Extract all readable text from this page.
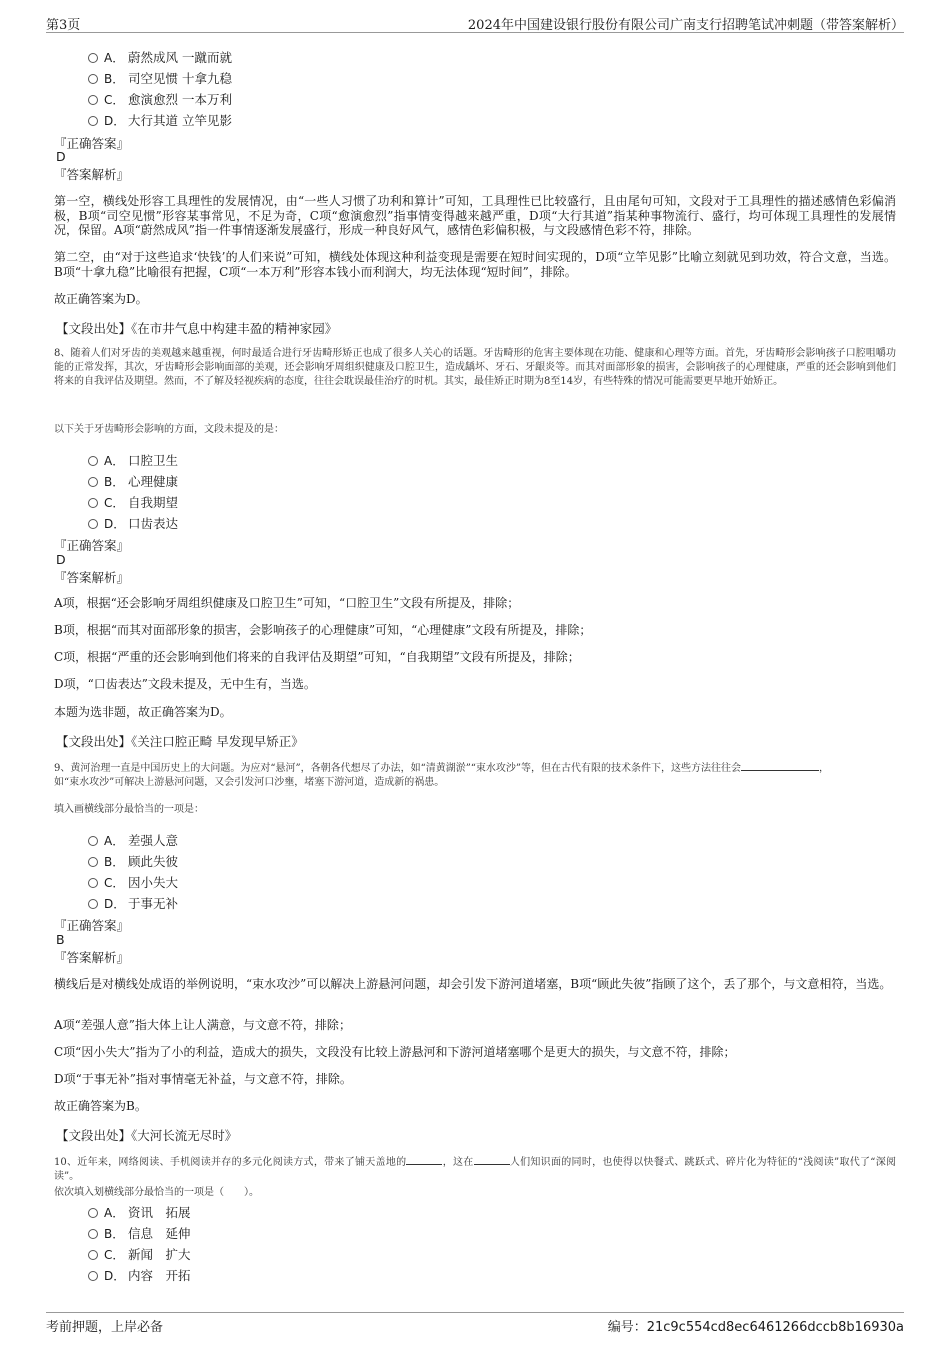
第3页	2024年中国建设银行股份有限公司广南支行招聘笔试冲刺题（带答案解析）
A． 蔚然成风 一蹴而就
B． 司空见惯 十拿九稳
C． 愈演愈烈 一本万利
D． 大行其道 立竿见影
『正确答案』
D
『答案解析』
第一空，横线处形容工具理性的发展情况，由“一些人习惯了功利和算计”可知，工具理性已比较盛行，且由尾句可知，文段对于工具理性的描述感情色彩偏消极，B项“司空见惯”形容某事常见，不足为奇，C项“愈演愈烈”指事情变得越来越严重，D项“大行其道”指某种事物流行、盛行，均可体现工具理性的发展情况，保留。A项“蔚然成风”指一件事情逐渐发展盛行，形成一种良好风气，感情色彩偏积极，与文段感情色彩不符，排除。
第二空，由“对于这些追求‘快钱’的人们来说”可知，横线处体现这种利益变现是需要在短时间实现的，D项“立竿见影”比喻立刻就见到功效，符合文意，当选。B项“十拿九稳”比喻很有把握，C项“一本万利”形容本钱小而利润大，均无法体现“短时间”，排除。
故正确答案为D。
【文段出处】《在市井气息中构建丰盈的精神家园》
8、随着人们对牙齿的美观越来越重视，何时最适合进行牙齿畸形矫正也成了很多人关心的话题。牙齿畸形的危害主要体现在功能、健康和心理等方面。首先，牙齿畸形会影响孩子口腔咀嚼功能的正常发挥，其次，牙齿畸形会影响面部的美观，还会影响牙周组织健康及口腔卫生，造成龋坏、牙石、牙龈炎等。而其对面部形象的损害，会影响孩子的心理健康，严重的还会影响到他们将来的自我评估及期望。然而，不了解及轻视疾病的态度，往往会耽误最佳治疗的时机。其实，最佳矫正时期为8至14岁，有些特殊的情况可能需要更早地开始矫正。
以下关于牙齿畸形会影响的方面，文段未提及的是：
A． 口腔卫生
B． 心理健康
C． 自我期望
D． 口齿表达
『正确答案』
D
『答案解析』
A项，根据“还会影响牙周组织健康及口腔卫生”可知，“口腔卫生”文段有所提及，排除；
B项，根据“而其对面部形象的损害，会影响孩子的心理健康”可知，“心理健康”文段有所提及，排除；
C项，根据“严重的还会影响到他们将来的自我评估及期望”可知，“自我期望”文段有所提及，排除；
D项，“口齿表达”文段未提及，无中生有，当选。
本题为选非题，故正确答案为D。
【文段出处】《关注口腔正畸 早发现早矫正》
9、黄河治理一直是中国历史上的大问题。为应对“悬河”，各朝各代想尽了办法，如“清黄湖淤”“束水攻沙”等，但在古代有限的技术条件下，这些方法往往会	，
如“束水攻沙”可解决上游悬河问题，又会引发河口沙壅，堵塞下游河道，造成新的祸患。
填入画横线部分最恰当的一项是：
A． 差强人意
B． 顾此失彼
C． 因小失大
D． 于事无补
『正确答案』
B
『答案解析』
横线后是对横线处成语的举例说明，“束水攻沙”可以解决上游悬河问题，却会引发下游河道堵塞，B项“顾此失彼”指顾了这个，丢了那个，与文意相符，当选。
A项“差强人意”指大体上让人满意，与文意不符，排除；
C项“因小失大”指为了小的利益，造成大的损失，文段没有比较上游悬河和下游河道堵塞哪个是更大的损失，与文意不符，排除；
D项“于事无补”指对事情毫无补益，与文意不符，排除。
故正确答案为B。
【文段出处】《大河长流无尽时》
10、近年来，网络阅读、手机阅读并存的多元化阅读方式，带来了铺天盖地的	，这在	人们知识面的同时，也使得以快餐式、跳跃式、碎片化为特征的“浅阅读”取代了“深阅读”。
依次填入划横线部分最恰当的一项是（　　）。
A． 资讯　拓展
B． 信息　延伸
C． 新闻　扩大
D． 内容　开拓
考前押题，上岸必备	编号：21c9c554cd8ec6461266dccb8b16930a
